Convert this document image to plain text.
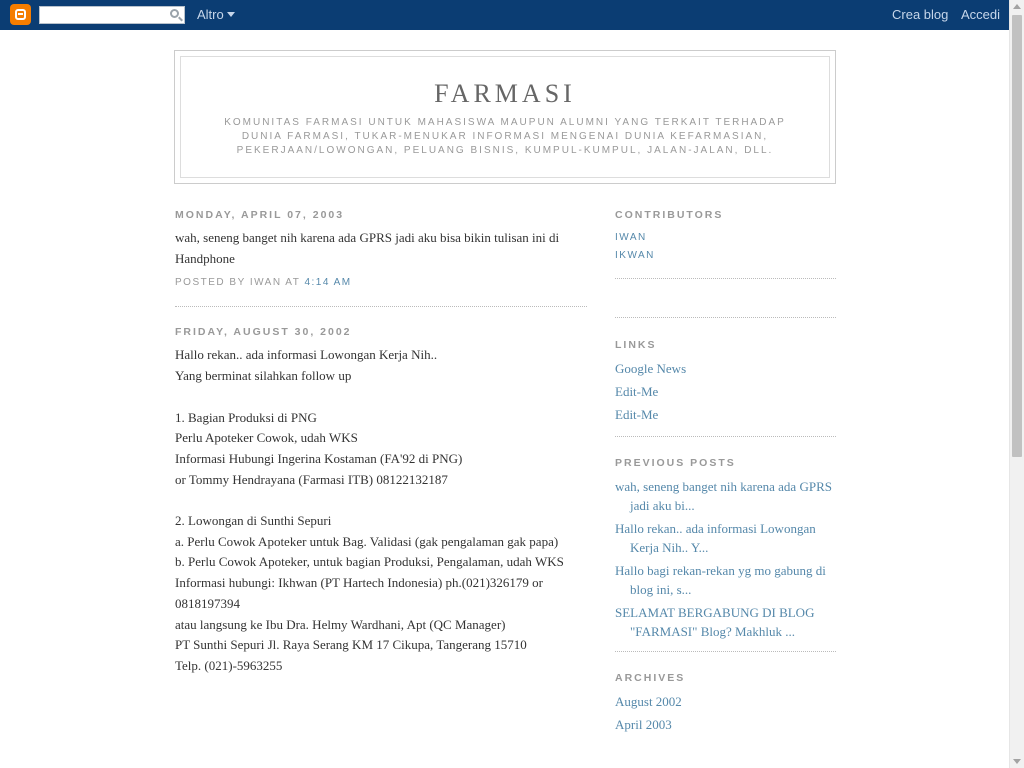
Altro	Crea blog Accedi
FARMASI
KOMUNITAS FARMASI UNTUK MAHASISWA MAUPUN ALUMNI YANG TERKAIT TERHADAP DUNIA FARMASI, TUKAR-MENUKAR INFORMASI MENGENAI DUNIA KEFARMASIAN, PEKERJAAN/LOWONGAN, PELUANG BISNIS, KUMPUL-KUMPUL, JALAN-JALAN, DLL.
MONDAY, APRIL 07, 2003

wah, seneng banget nih karena ada GPRS jadi aku bisa bikin tulisan ini di Handphone

POSTED BY IWAN AT 4:14 AM
FRIDAY, AUGUST 30, 2002

Hallo rekan.. ada informasi Lowongan Kerja Nih..

Yang berminat silahkan follow up

1. Bagian Produksi di PNG

Perlu Apoteker Cowok, udah WKS

Informasi Hubungi Ingerina Kostaman (FA'92 di PNG)

or Tommy Hendrayana (Farmasi ITB) 08122132187

2. Lowongan di Sunthi Sepuri

a. Perlu Cowok Apoteker untuk Bag. Validasi (gak pengalaman gak papa)

b. Perlu Cowok Apoteker, untuk bagian Produksi, Pengalaman, udah WKS

Informasi hubungi: Ikhwan (PT Hartech Indonesia) ph.(021)326179 or 0818197394

atau langsung ke Ibu Dra. Helmy Wardhani, Apt (QC Manager)

PT Sunthi Sepuri Jl. Raya Serang KM 17 Cikupa, Tangerang 15710

Telp. (021)-5963255

CONTRIBUTORS
IWAN
IKWAN
LINKS
Google News
Edit-Me
Edit-Me
PREVIOUS POSTS
wah, seneng banget nih karena ada GPRS jadi aku bi...
Hallo rekan.. ada informasi Lowongan Kerja Nih.. Y...
Hallo bagi rekan-rekan yg mo gabung di blog ini, s...
SELAMAT BERGABUNG DI BLOG "FARMASI" Blog? Makhluk ...
ARCHIVES
August 2002
April 2003
